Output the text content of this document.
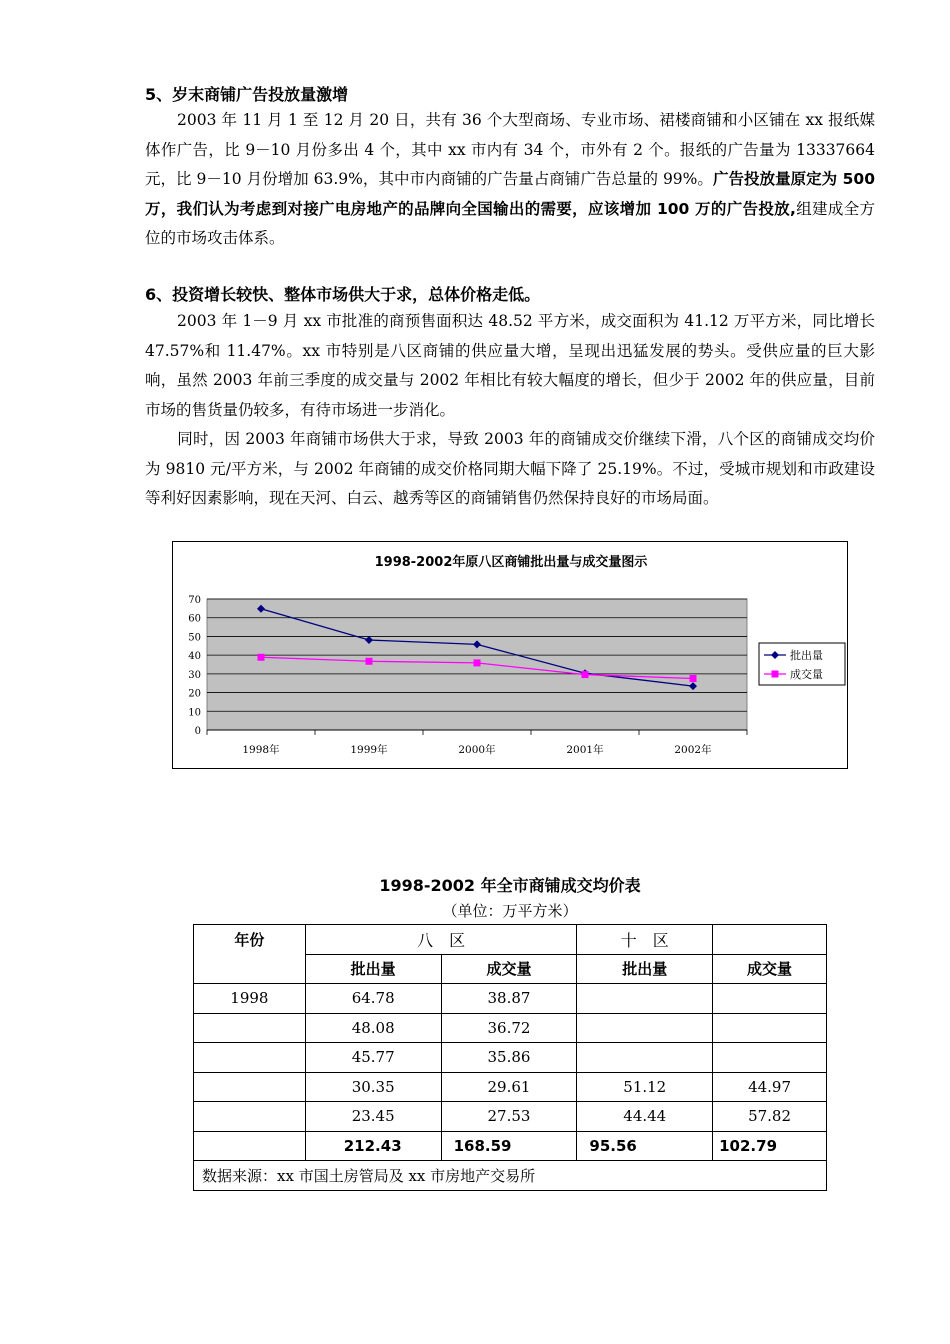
5、岁末商铺广告投放量激增
2003 年 11 月 1 至 12 月 20 日，共有 36 个大型商场、专业市场、裙楼商铺和小区铺在 xx 报纸媒体作广告，比 9－10 月份多出 4 个，其中 xx 市内有 34 个，市外有 2 个。报纸的广告量为 13337664 元，比 9－10 月份增加 63.9%，其中市内商铺的广告量占商铺广告总量的 99%。广告投放量原定为 500 万，我们认为考虑到对接广电房地产的品牌向全国输出的需要，应该增加 100 万的广告投放,组建成全方位的市场攻击体系。
6、投资增长较快、整体市场供大于求，总体价格走低。
2003 年 1－9 月 xx 市批准的商预售面积达 48.52 平方米，成交面积为 41.12 万平方米，同比增长 47.57%和 11.47%。xx 市特别是八区商铺的供应量大增，呈现出迅猛发展的势头。受供应量的巨大影响，虽然 2003 年前三季度的成交量与 2002 年相比有较大幅度的增长，但少于 2002 年的供应量，目前市场的售货量仍较多，有待市场进一步消化。
同时，因 2003 年商铺市场供大于求，导致 2003 年的商铺成交价继续下滑，八个区的商铺成交均价为 9810 元/平方米，与 2002 年商铺的成交价格同期大幅下降了 25.19%。不过，受城市规划和市政建设等利好因素影响，现在天河、白云、越秀等区的商铺销售仍然保持良好的市场局面。
1998-2002年原八区商铺批出量与成交量图示
0
10
20
30
40
50
60
70
1998年	1999年	2000年	2001年	2002年
批出量
成交量
1998-2002 年全市商铺成交均价表
（单位：万平方米）
年份	八　区		十　区	
	批出量	成交量	批出量	成交量
1998	64.78	38.87		
	48.08	36.72		
	45.77	35.86		
	30.35	29.61	51.12	44.97
	23.45	27.53	44.44	57.82
	212.43	168.59	95.56	102.79
数据来源：xx 市国土房管局及 xx 市房地产交易所				
